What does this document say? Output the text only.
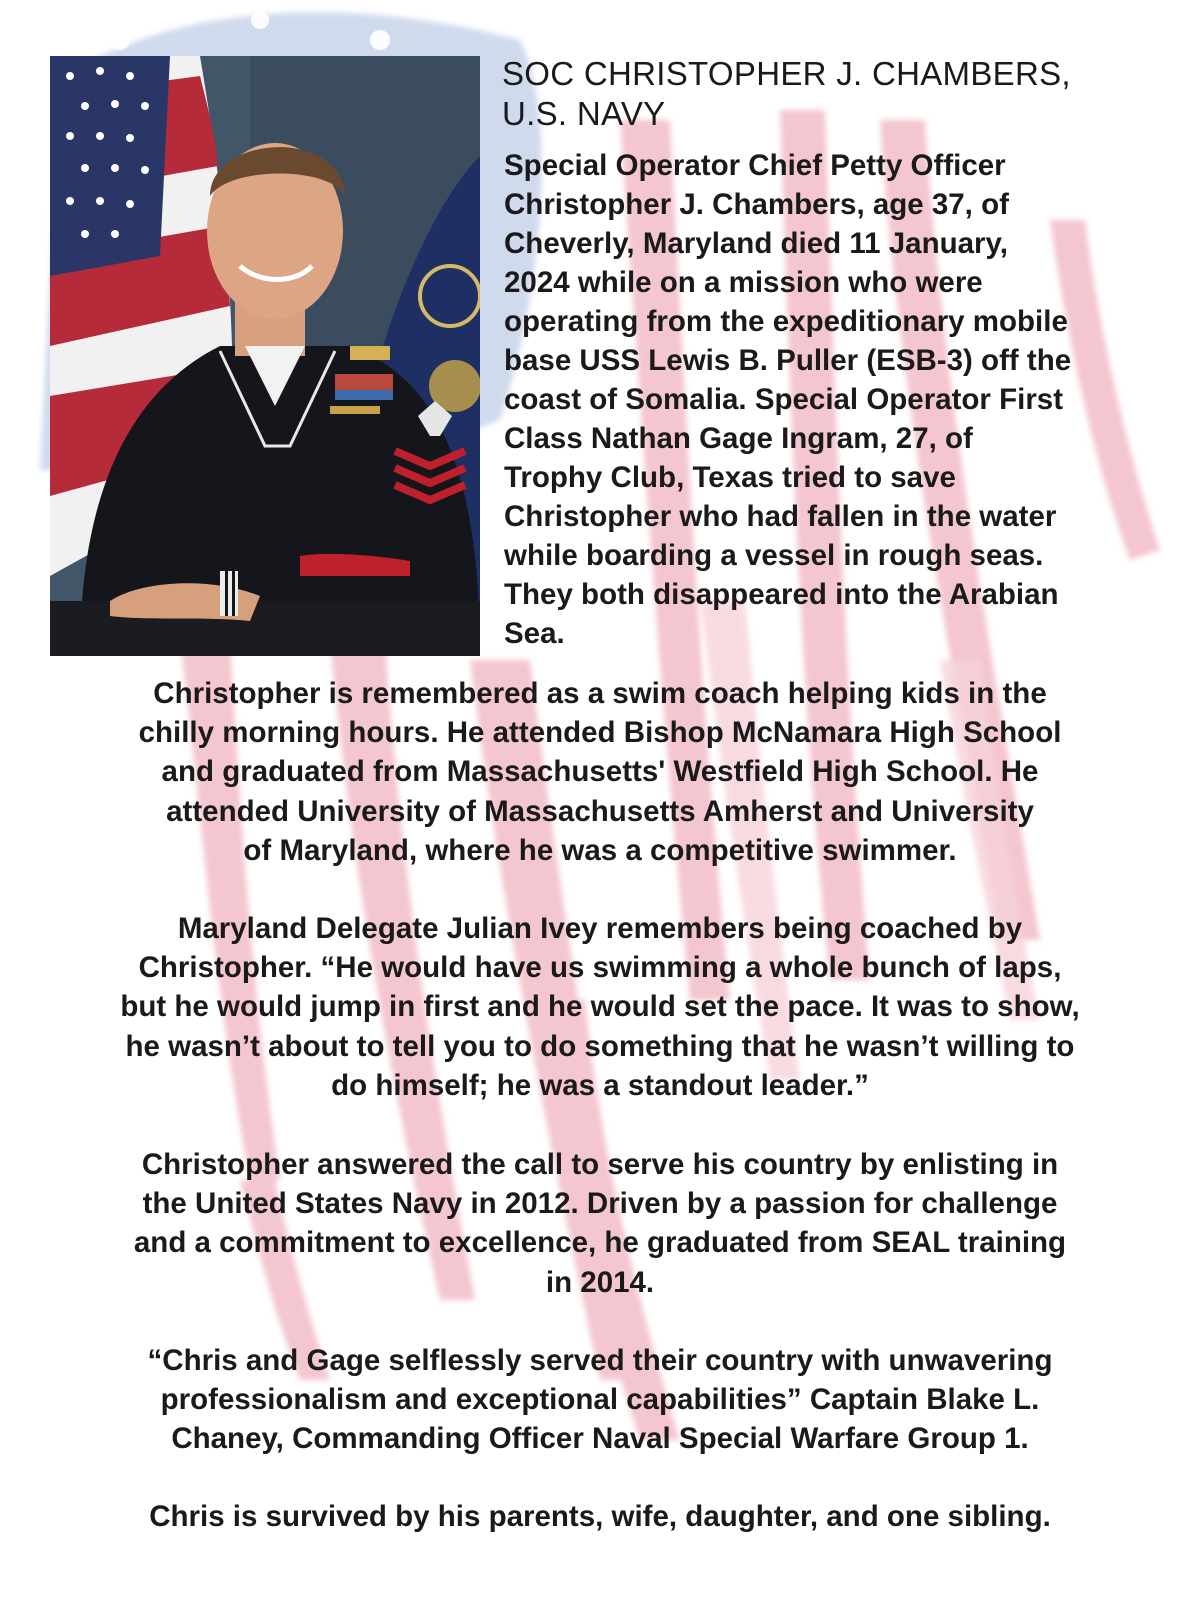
SOC CHRISTOPHER J. CHAMBERS,
U.S. NAVY

Special Operator Chief Petty Officer
Christopher J. Chambers, age 37, of
Cheverly, Maryland died 11 January,
2024 while on a mission who were
operating from the expeditionary mobile
base USS Lewis B. Puller (ESB-3) off the
coast of Somalia. Special Operator First
Class Nathan Gage Ingram, 27, of
Trophy Club, Texas tried to save
Christopher who had fallen in the water
while boarding a vessel in rough seas.
They both disappeared into the Arabian
Sea.

Christopher is remembered as a swim coach helping kids in the
chilly morning hours. He attended Bishop McNamara High School
and graduated from Massachusetts' Westfield High School. He
attended University of Massachusetts Amherst and University
of Maryland, where he was a competitive swimmer.

Maryland Delegate Julian Ivey remembers being coached by
Christopher. “He would have us swimming a whole bunch of laps,
but he would jump in first and he would set the pace. It was to show,
he wasn’t about to tell you to do something that he wasn’t willing to
do himself; he was a standout leader.”

Christopher answered the call to serve his country by enlisting in
the United States Navy in 2012. Driven by a passion for challenge
and a commitment to excellence, he graduated from SEAL training
in 2014.

“Chris and Gage selflessly served their country with unwavering
professionalism and exceptional capabilities” Captain Blake L.
Chaney, Commanding Officer Naval Special Warfare Group 1.

Chris is survived by his parents, wife, daughter, and one sibling.
